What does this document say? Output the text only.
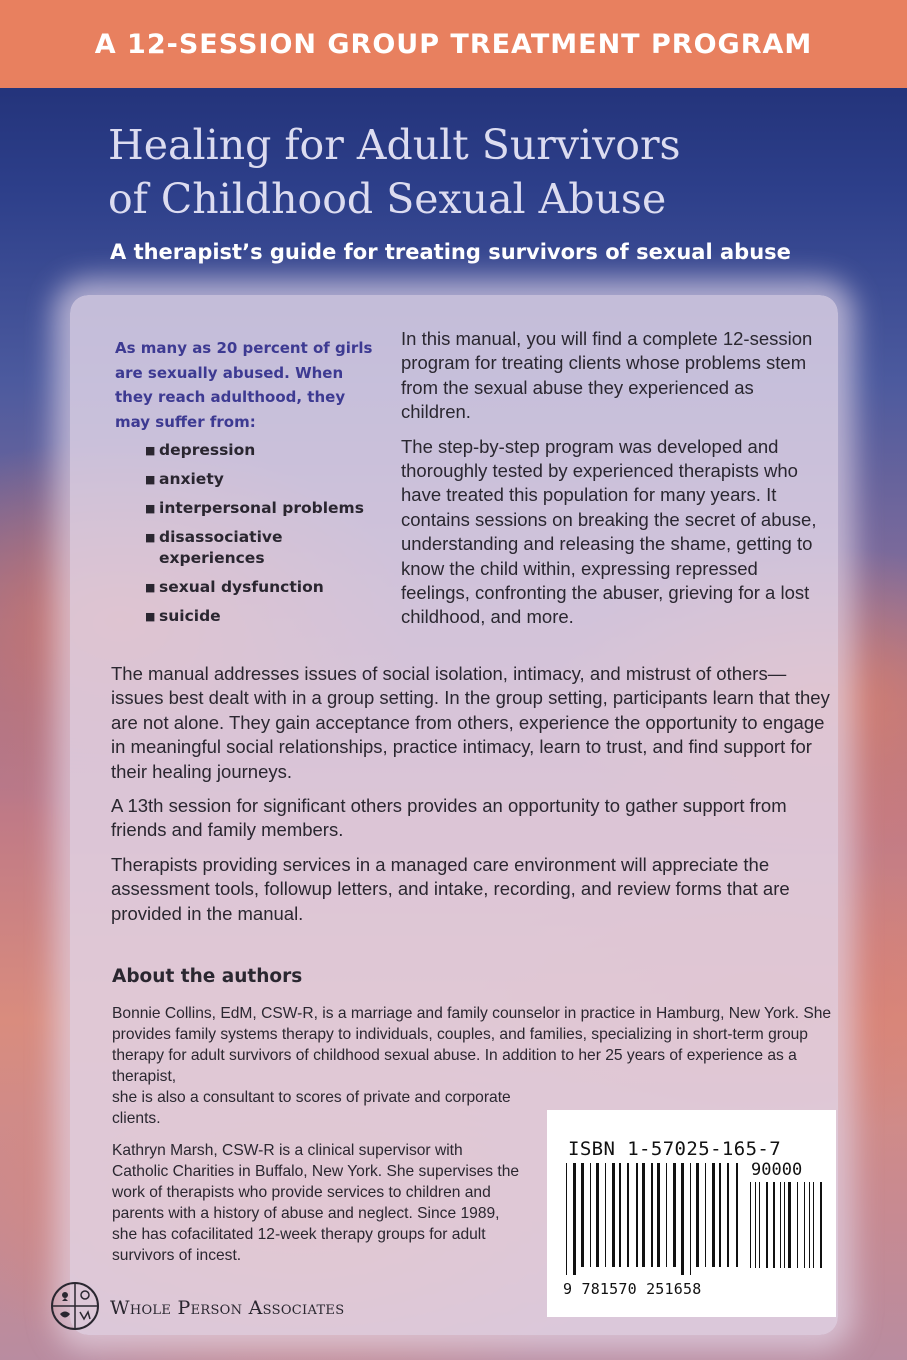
A 12-SESSION GROUP TREATMENT PROGRAM
Healing for Adult Survivors
of Childhood Sexual Abuse
A therapist’s guide for treating survivors of sexual abuse
As many as 20 percent of girls are sexually abused. When they reach adulthood, they may suffer from:
■ depression
■ anxiety
■ interpersonal problems
■ disassociative experiences
■ sexual dysfunction
■ suicide

In this manual, you will find a complete 12-session program for treating clients whose problems stem from the sexual abuse they experienced as children.

The step-by-step program was developed and thoroughly tested by experienced therapists who have treated this population for many years. It contains sessions on breaking the secret of abuse, understanding and releasing the shame, getting to know the child within, expressing repressed feelings, confronting the abuser, grieving for a lost childhood, and more.

The manual addresses issues of social isolation, intimacy, and mistrust of others—issues best dealt with in a group setting. In the group setting, participants learn that they are not alone. They gain acceptance from others, experience the opportunity to engage in meaningful social relationships, practice intimacy, learn to trust, and find support for their healing journeys.

A 13th session for significant others provides an opportunity to gather support from friends and family members.

Therapists providing services in a managed care environment will appreciate the assessment tools, followup letters, and intake, recording, and review forms that are provided in the manual.

About the authors
Bonnie Collins, EdM, CSW-R, is a marriage and family counselor in practice in Hamburg, New York. She provides family systems therapy to individuals, couples, and families, specializing in short-term group therapy for adult survivors of childhood sexual abuse. In addition to her 25 years of experience as a therapist,
she is also a consultant to scores of private and corporate clients.
Kathryn Marsh, CSW-R is a clinical supervisor with Catholic Charities in Buffalo, New York. She supervises the work of therapists who provide services to children and parents with a history of abuse and neglect. Since 1989, she has cofacilitated 12-week therapy groups for adult survivors of incest.
ISBN 1-57025-165-7
90000
9 781570 251658
Whole Person Associates
